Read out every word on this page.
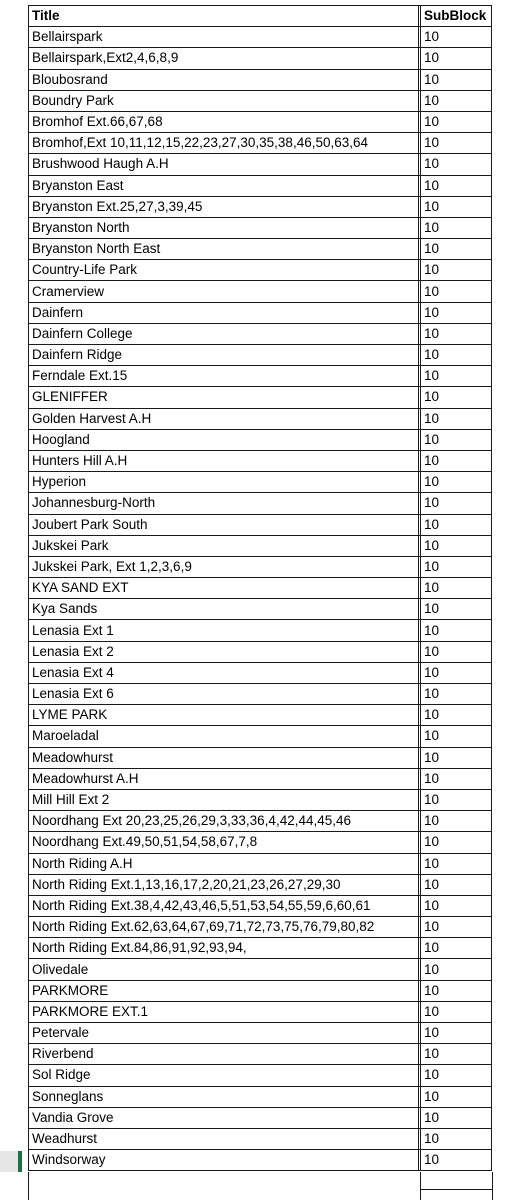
Title		SubBlock
Bellairspark		10
Bellairspark,Ext2,4,6,8,9		10
Bloubosrand		10
Boundry Park		10
Bromhof Ext.66,67,68		10
Bromhof,Ext 10,11,12,15,22,23,27,30,35,38,46,50,63,64		10
Brushwood Haugh A.H		10
Bryanston East		10
Bryanston Ext.25,27,3,39,45		10
Bryanston North		10
Bryanston North East		10
Country-Life Park		10
Cramerview		10
Dainfern		10
Dainfern College		10
Dainfern Ridge		10
Ferndale Ext.15		10
GLENIFFER		10
Golden Harvest A.H		10
Hoogland		10
Hunters Hill A.H		10
Hyperion		10
Johannesburg-North		10
Joubert Park South		10
Jukskei Park		10
Jukskei Park, Ext 1,2,3,6,9		10
KYA SAND EXT		10
Kya Sands		10
Lenasia Ext 1		10
Lenasia Ext 2		10
Lenasia Ext 4		10
Lenasia Ext 6		10
LYME PARK		10
Maroeladal		10
Meadowhurst		10
Meadowhurst A.H		10
Mill Hill Ext 2		10
Noordhang Ext 20,23,25,26,29,3,33,36,4,42,44,45,46		10
Noordhang Ext.49,50,51,54,58,67,7,8		10
North Riding A.H		10
North Riding Ext.1,13,16,17,2,20,21,23,26,27,29,30		10
North Riding Ext.38,4,42,43,46,5,51,53,54,55,59,6,60,61		10
North Riding Ext.62,63,64,67,69,71,72,73,75,76,79,80,82		10
North Riding Ext.84,86,91,92,93,94,		10
Olivedale		10
PARKMORE		10
PARKMORE EXT.1		10
Petervale		10
Riverbend		10
Sol Ridge		10
Sonneglans		10
Vandia Grove		10
Weadhurst		10
Windsorway		10
